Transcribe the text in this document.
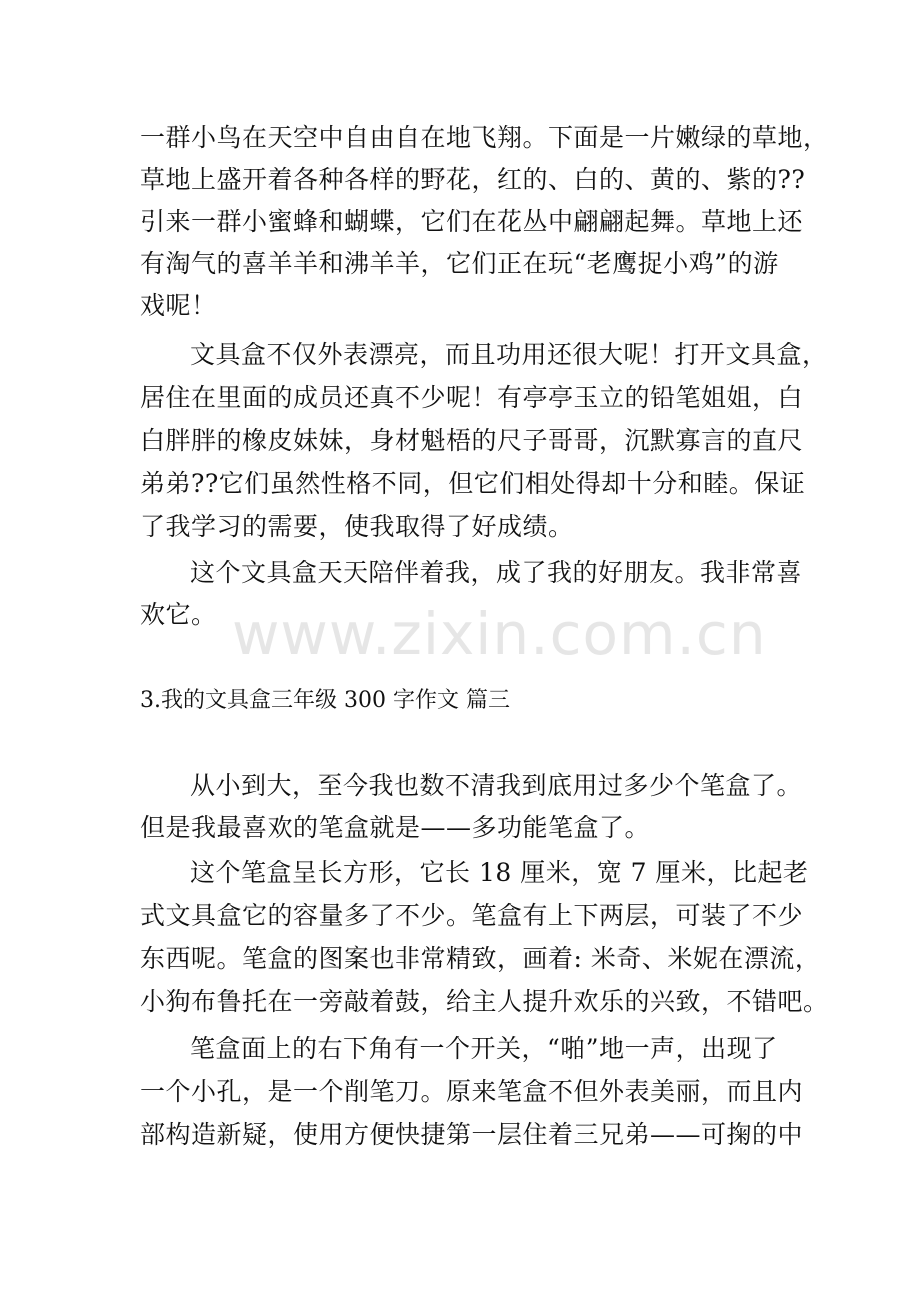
www.zixin.com.cn
一群小鸟在天空中自由自在地飞翔。下面是一片嫩绿的草地，
草地上盛开着各种各样的野花，红的、白的、黄的、紫的??
引来一群小蜜蜂和蝴蝶，它们在花丛中翩翩起舞。草地上还
有淘气的喜羊羊和沸羊羊，它们正在玩“老鹰捉小鸡”的游
戏呢！
文具盒不仅外表漂亮，而且功用还很大呢！打开文具盒，
居住在里面的成员还真不少呢！有亭亭玉立的铅笔姐姐，白
白胖胖的橡皮妹妹，身材魁梧的尺子哥哥，沉默寡言的直尺
弟弟??它们虽然性格不同，但它们相处得却十分和睦。保证
了我学习的需要，使我取得了好成绩。
这个文具盒天天陪伴着我，成了我的好朋友。我非常喜
欢它。
3.我的文具盒三年级 300 字作文 篇三
从小到大，至今我也数不清我到底用过多少个笔盒了。
但是我最喜欢的笔盒就是——多功能笔盒了。
这个笔盒呈长方形，它长 18 厘米，宽 7 厘米，比起老
式文具盒它的容量多了不少。笔盒有上下两层，可装了不少
东西呢。笔盒的图案也非常精致，画着: 米奇、米妮在漂流，
小狗布鲁托在一旁敲着鼓，给主人提升欢乐的兴致，不错吧。
笔盒面上的右下角有一个开关，“啪”地一声，出现了
一个小孔，是一个削笔刀。原来笔盒不但外表美丽，而且内
部构造新疑，使用方便快捷第一层住着三兄弟——可掬的中
